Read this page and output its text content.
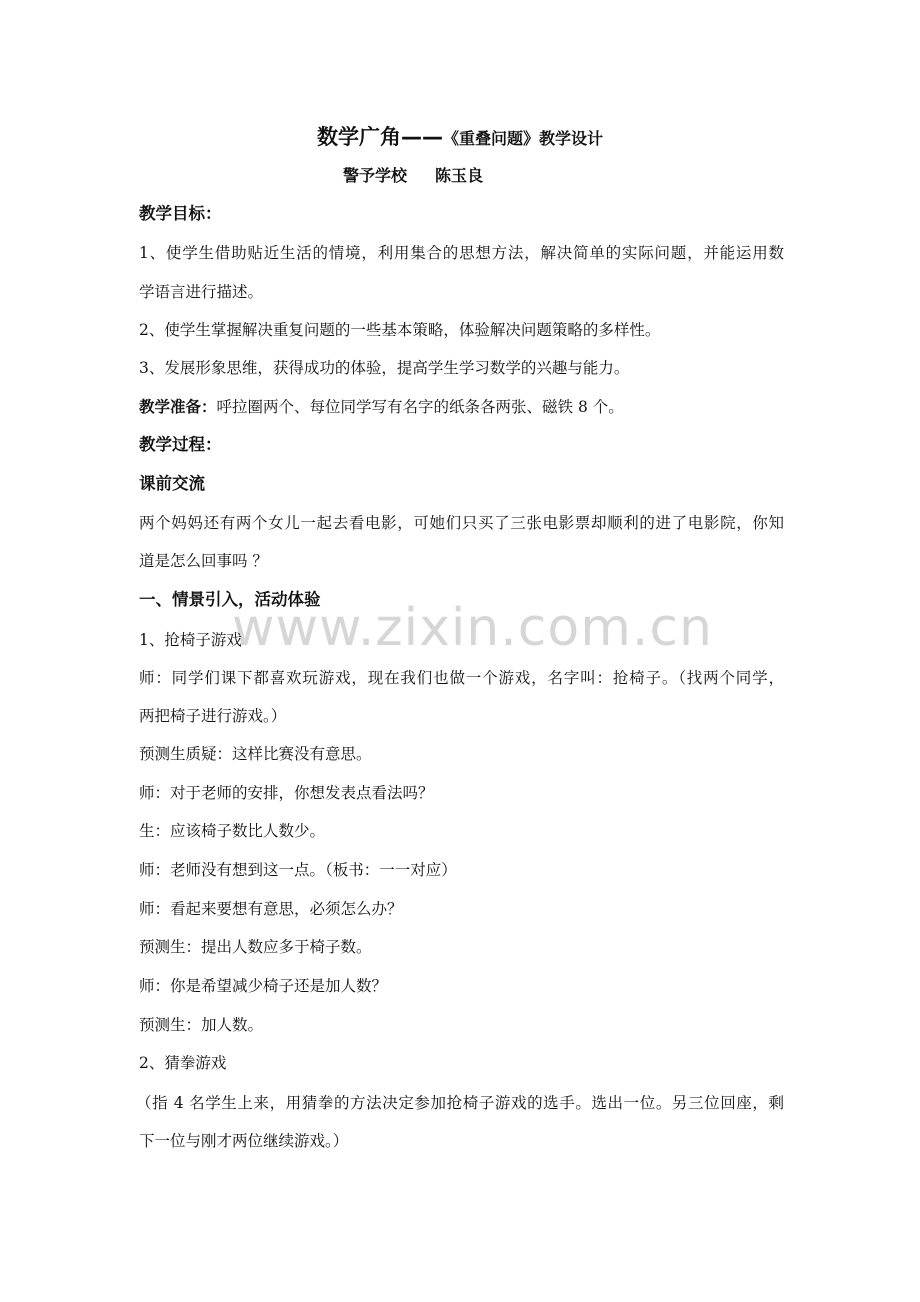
www.zixin.com.cn
数学广角——《重叠问题》教学设计
警予学校 陈玉良
教学目标：
1、使学生借助贴近生活的情境，利用集合的思想方法，解决简单的实际问题，并能运用数
学语言进行描述。
2、使学生掌握解决重复问题的一些基本策略，体验解决问题策略的多样性。
3、发展形象思维，获得成功的体验，提高学生学习数学的兴趣与能力。
教学准备：呼拉圈两个、每位同学写有名字的纸条各两张、磁铁 8 个。
教学过程：
课前交流
两个妈妈还有两个女儿一起去看电影，可她们只买了三张电影票却顺利的进了电影院，你知
道是怎么回事吗 ？
一、情景引入，活动体验
1、抢椅子游戏
师：同学们课下都喜欢玩游戏，现在我们也做一个游戏，名字叫：抢椅子。（找两个同学，
两把椅子进行游戏。）
预测生质疑：这样比赛没有意思。
师：对于老师的安排，你想发表点看法吗？
生：应该椅子数比人数少。
师：老师没有想到这一点。（板书：一一对应）
师：看起来要想有意思，必须怎么办？
预测生：提出人数应多于椅子数。
师：你是希望减少椅子还是加人数？
预测生：加人数。
2、猜拳游戏
（指 4 名学生上来，用猜拳的方法决定参加抢椅子游戏的选手。选出一位。另三位回座，剩
下一位与刚才两位继续游戏。）
